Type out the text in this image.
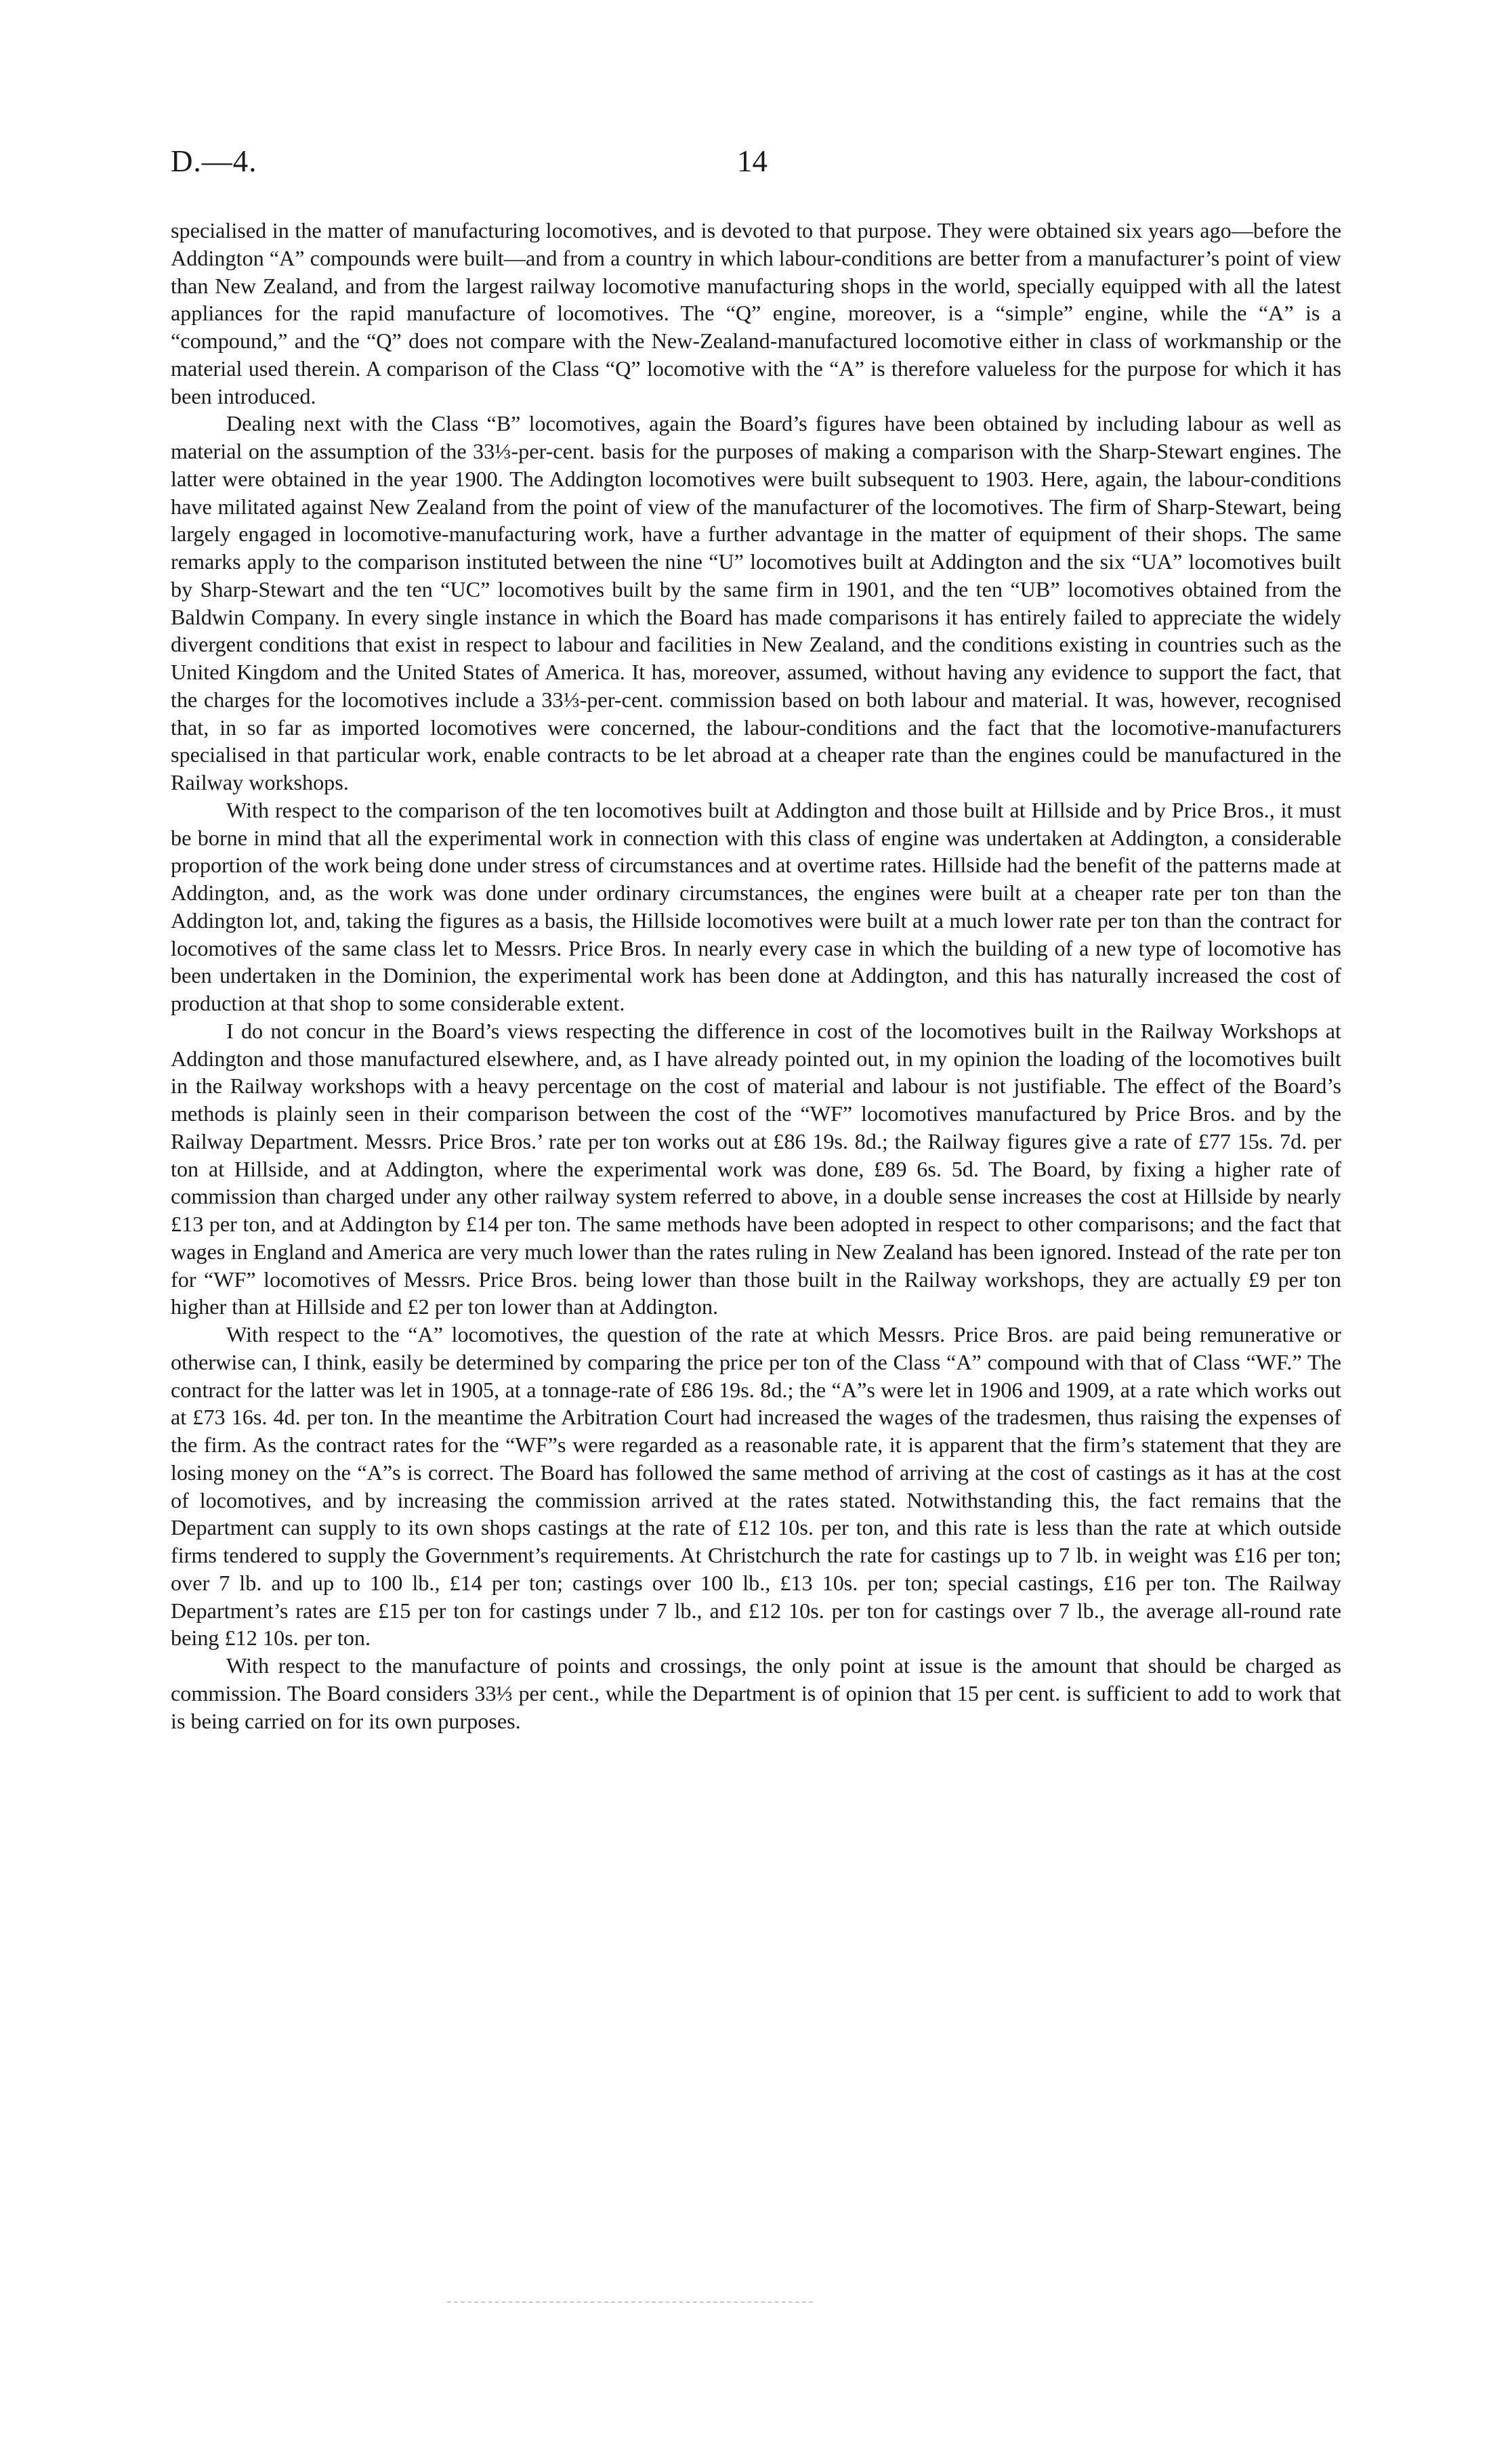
D.—4.	14

specialised in the matter of manufacturing locomotives, and is devoted to that purpose. They were obtained six years ago—before the Addington “A” compounds were built—and from a country in which labour-conditions are better from a manufacturer’s point of view than New Zealand, and from the largest railway locomotive manufacturing shops in the world, specially equipped with all the latest appliances for the rapid manufacture of locomotives. The “Q” engine, moreover, is a “simple” engine, while the “A” is a “compound,” and the “Q” does not compare with the New-Zealand-manufactured locomotive either in class of workmanship or the material used therein. A comparison of the Class “Q” locomotive with the “A” is therefore valueless for the purpose for which it has been introduced.

Dealing next with the Class “B” locomotives, again the Board’s figures have been obtained by including labour as well as material on the assumption of the 33⅓-per-cent. basis for the purposes of making a comparison with the Sharp-Stewart engines. The latter were obtained in the year 1900. The Addington locomotives were built subsequent to 1903. Here, again, the labour-conditions have militated against New Zealand from the point of view of the manufacturer of the locomotives. The firm of Sharp-Stewart, being largely engaged in locomotive-manufacturing work, have a further advantage in the matter of equipment of their shops. The same remarks apply to the comparison instituted between the nine “U” locomotives built at Addington and the six “UA” locomotives built by Sharp-Stewart and the ten “UC” locomotives built by the same firm in 1901, and the ten “UB” locomotives obtained from the Baldwin Company. In every single instance in which the Board has made comparisons it has entirely failed to appreciate the widely divergent conditions that exist in respect to labour and facilities in New Zealand, and the conditions existing in countries such as the United Kingdom and the United States of America. It has, moreover, assumed, without having any evidence to support the fact, that the charges for the locomotives include a 33⅓-per-cent. commission based on both labour and material. It was, however, recognised that, in so far as imported locomotives were concerned, the labour-conditions and the fact that the locomotive-manufacturers specialised in that particular work, enable contracts to be let abroad at a cheaper rate than the engines could be manufactured in the Railway workshops.

With respect to the comparison of the ten locomotives built at Addington and those built at Hillside and by Price Bros., it must be borne in mind that all the experimental work in connection with this class of engine was undertaken at Addington, a considerable proportion of the work being done under stress of circumstances and at overtime rates. Hillside had the benefit of the patterns made at Addington, and, as the work was done under ordinary circumstances, the engines were built at a cheaper rate per ton than the Addington lot, and, taking the figures as a basis, the Hillside locomotives were built at a much lower rate per ton than the contract for locomotives of the same class let to Messrs. Price Bros. In nearly every case in which the building of a new type of locomotive has been undertaken in the Dominion, the experimental work has been done at Addington, and this has naturally increased the cost of production at that shop to some considerable extent.

I do not concur in the Board’s views respecting the difference in cost of the locomotives built in the Railway Workshops at Addington and those manufactured elsewhere, and, as I have already pointed out, in my opinion the loading of the locomotives built in the Railway workshops with a heavy percentage on the cost of material and labour is not justifiable. The effect of the Board’s methods is plainly seen in their comparison between the cost of the “WF” locomotives manufactured by Price Bros. and by the Railway Department. Messrs. Price Bros.’ rate per ton works out at £86 19s. 8d.; the Railway figures give a rate of £77 15s. 7d. per ton at Hillside, and at Addington, where the experimental work was done, £89 6s. 5d. The Board, by fixing a higher rate of commission than charged under any other railway system referred to above, in a double sense increases the cost at Hillside by nearly £13 per ton, and at Addington by £14 per ton. The same methods have been adopted in respect to other comparisons; and the fact that wages in England and America are very much lower than the rates ruling in New Zealand has been ignored. Instead of the rate per ton for “WF” locomotives of Messrs. Price Bros. being lower than those built in the Railway workshops, they are actually £9 per ton higher than at Hillside and £2 per ton lower than at Addington.

With respect to the “A” locomotives, the question of the rate at which Messrs. Price Bros. are paid being remunerative or otherwise can, I think, easily be determined by comparing the price per ton of the Class “A” compound with that of Class “WF.” The contract for the latter was let in 1905, at a tonnage-rate of £86 19s. 8d.; the “A”s were let in 1906 and 1909, at a rate which works out at £73 16s. 4d. per ton. In the meantime the Arbitration Court had increased the wages of the tradesmen, thus raising the expenses of the firm. As the contract rates for the “WF”s were regarded as a reasonable rate, it is apparent that the firm’s statement that they are losing money on the “A”s is correct. The Board has followed the same method of arriving at the cost of castings as it has at the cost of locomotives, and by increasing the commission arrived at the rates stated. Notwithstanding this, the fact remains that the Department can supply to its own shops castings at the rate of £12 10s. per ton, and this rate is less than the rate at which outside firms tendered to supply the Government’s requirements. At Christchurch the rate for castings up to 7 lb. in weight was £16 per ton; over 7 lb. and up to 100 lb., £14 per ton; castings over 100 lb., £13 10s. per ton; special castings, £16 per ton. The Railway Department’s rates are £15 per ton for castings under 7 lb., and £12 10s. per ton for castings over 7 lb., the average all-round rate being £12 10s. per ton.

With respect to the manufacture of points and crossings, the only point at issue is the amount that should be charged as commission. The Board considers 33⅓ per cent., while the Department is of opinion that 15 per cent. is sufficient to add to work that is being carried on for its own purposes.
